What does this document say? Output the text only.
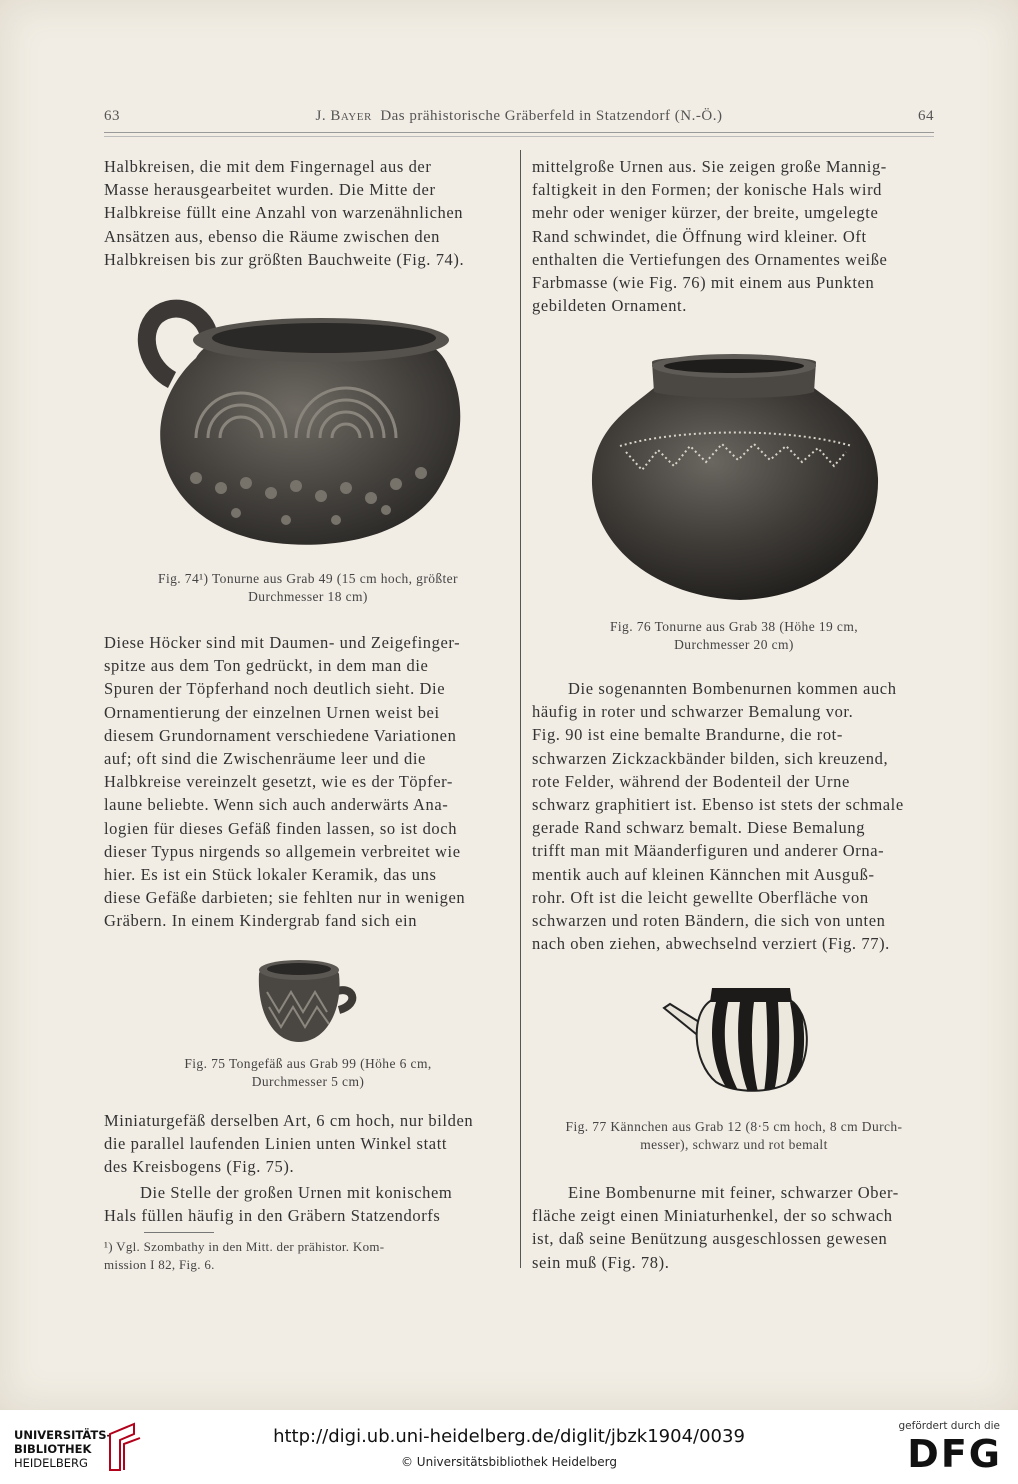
63	J. Bayer Das prähistorische Gräberfeld in Statzendorf (N.-Ö.)	64
Halbkreisen, die mit dem Fingernagel aus der
Masse herausgearbeitet wurden. Die Mitte der
Halbkreise füllt eine Anzahl von warzenähnlichen
Ansätzen aus, ebenso die Räume zwischen den
Halbkreisen bis zur größten Bauchweite (Fig. 74).
Fig. 74¹) Tonurne aus Grab 49 (15 cm hoch, größter
Durchmesser 18 cm)
Diese Höcker sind mit Daumen- und Zeigefinger-
spitze aus dem Ton gedrückt, in dem man die
Spuren der Töpferhand noch deutlich sieht. Die
Ornamentierung der einzelnen Urnen weist bei
diesem Grundornament verschiedene Variationen
auf; oft sind die Zwischenräume leer und die
Halbkreise vereinzelt gesetzt, wie es der Töpfer-
laune beliebte. Wenn sich auch anderwärts Ana-
logien für dieses Gefäß finden lassen, so ist doch
dieser Typus nirgends so allgemein verbreitet wie
hier. Es ist ein Stück lokaler Keramik, das uns
diese Gefäße darbieten; sie fehlten nur in wenigen
Gräbern. In einem Kindergrab fand sich ein
Fig. 75 Tongefäß aus Grab 99 (Höhe 6 cm,
Durchmesser 5 cm)
Miniaturgefäß derselben Art, 6 cm hoch, nur bilden
die parallel laufenden Linien unten Winkel statt
des Kreisbogens (Fig. 75).
Die Stelle der großen Urnen mit konischem
Hals füllen häufig in den Gräbern Statzendorfs
¹) Vgl. Szombathy in den Mitt. der prähistor. Kom-
mission I 82, Fig. 6.
mittelgroße Urnen aus. Sie zeigen große Mannig-
faltigkeit in den Formen; der konische Hals wird
mehr oder weniger kürzer, der breite, umgelegte
Rand schwindet, die Öffnung wird kleiner. Oft
enthalten die Vertiefungen des Ornamentes weiße
Farbmasse (wie Fig. 76) mit einem aus Punkten
gebildeten Ornament.
Fig. 76 Tonurne aus Grab 38 (Höhe 19 cm,
Durchmesser 20 cm)
Die sogenannten Bombenurnen kommen auch
häufig in roter und schwarzer Bemalung vor.
Fig. 90 ist eine bemalte Brandurne, die rot-
schwarzen Zickzackbänder bilden, sich kreuzend,
rote Felder, während der Bodenteil der Urne
schwarz graphitiert ist. Ebenso ist stets der schmale
gerade Rand schwarz bemalt. Diese Bemalung
trifft man mit Mäanderfiguren und anderer Orna-
mentik auch auf kleinen Kännchen mit Ausguß-
rohr. Oft ist die leicht gewellte Oberfläche von
schwarzen und roten Bändern, die sich von unten
nach oben ziehen, abwechselnd verziert (Fig. 77).
Fig. 77 Kännchen aus Grab 12 (8·5 cm hoch, 8 cm Durch-
messer), schwarz und rot bemalt
Eine Bombenurne mit feiner, schwarzer Ober-
fläche zeigt einen Miniaturhenkel, der so schwach
ist, daß seine Benützung ausgeschlossen gewesen
sein muß (Fig. 78).
UNIVERSITÄTS-
BIBLIOTHEK
HEIDELBERG
http://digi.ub.uni-heidelberg.de/diglit/jbzk1904/0039
© Universitätsbibliothek Heidelberg
gefördert durch die
DFG
